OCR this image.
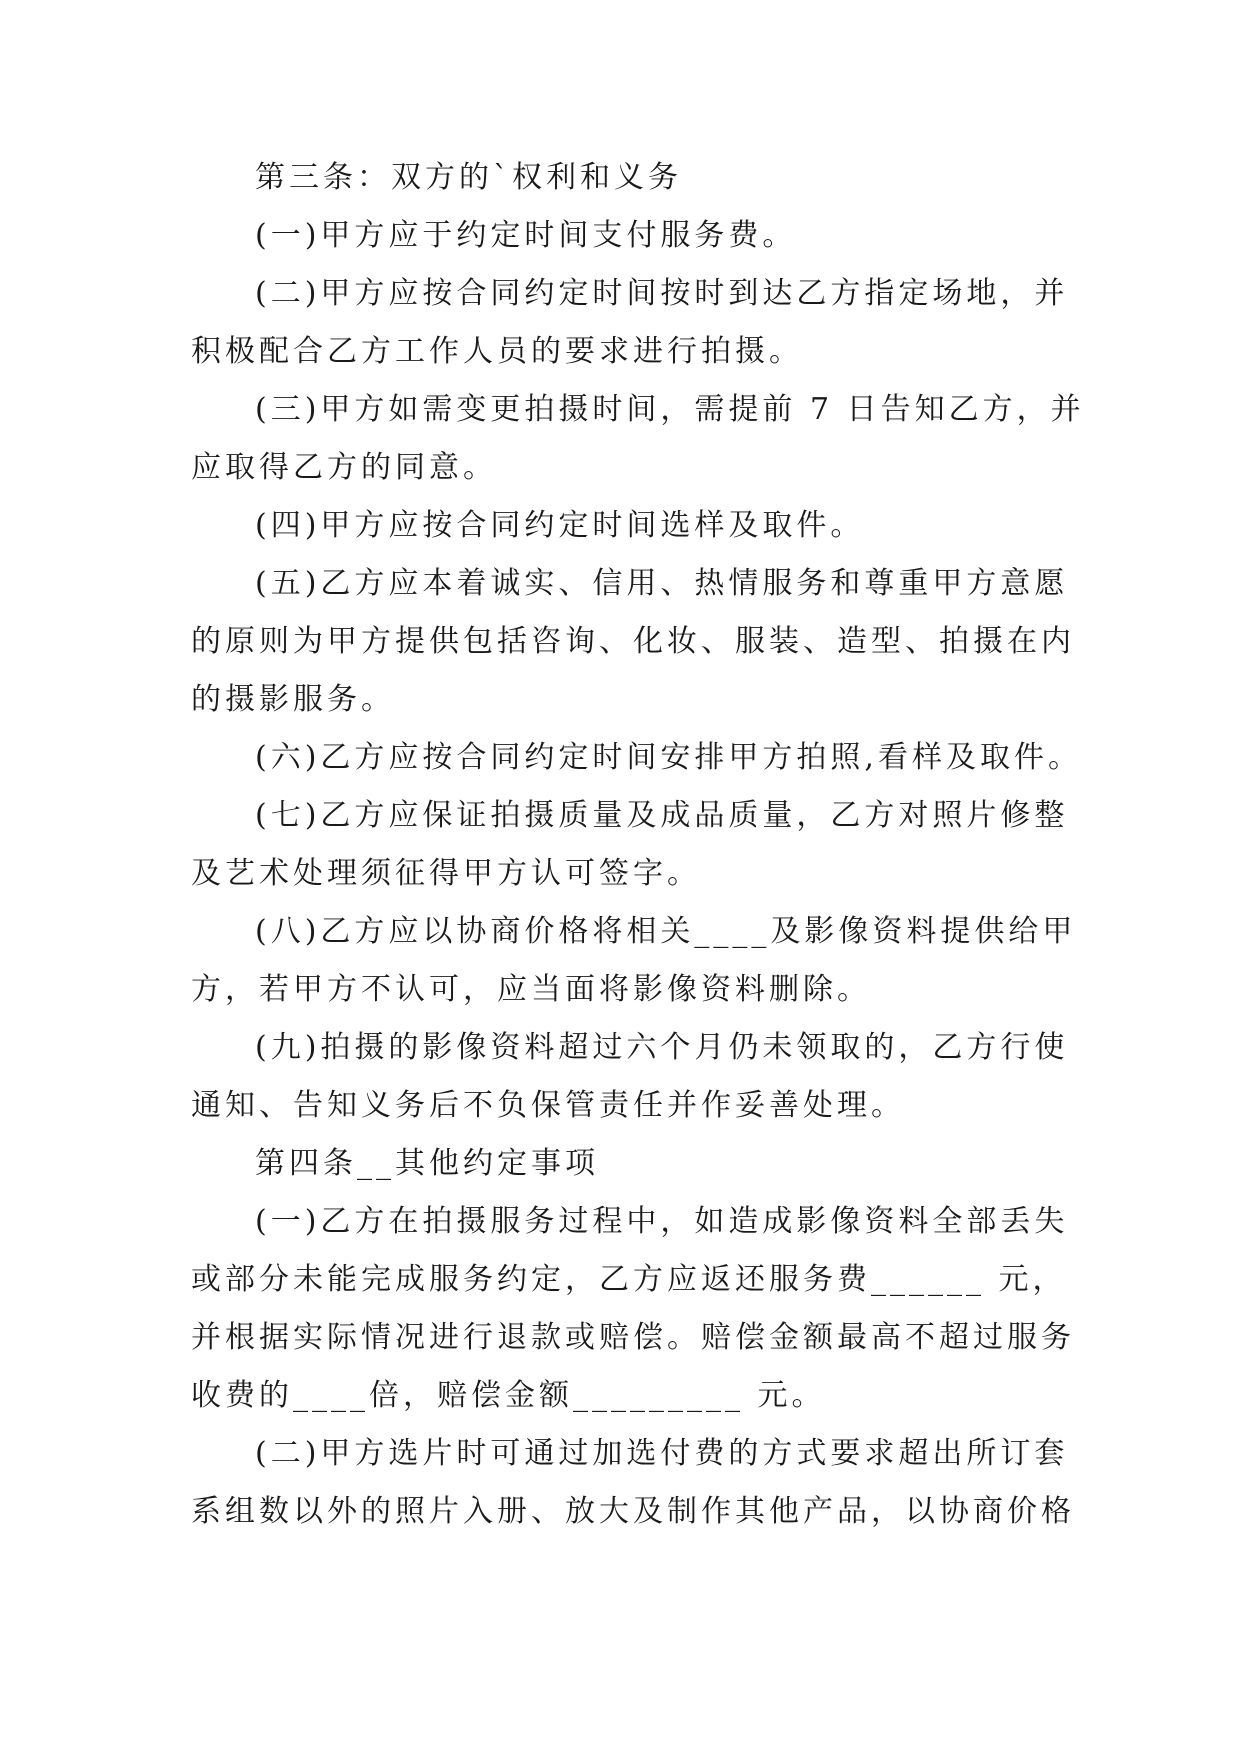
第三条：双方的`权利和义务
(一)甲方应于约定时间支付服务费。
(二)甲方应按合同约定时间按时到达乙方指定场地，并
积极配合乙方工作人员的要求进行拍摄。
(三)甲方如需变更拍摄时间，需提前 7 日告知乙方，并
应取得乙方的同意。
(四)甲方应按合同约定时间选样及取件。
(五)乙方应本着诚实、信用、热情服务和尊重甲方意愿
的原则为甲方提供包括咨询、化妆、服装、造型、拍摄在内
的摄影服务。
(六)乙方应按合同约定时间安排甲方拍照,看样及取件。
(七)乙方应保证拍摄质量及成品质量，乙方对照片修整
及艺术处理须征得甲方认可签字。
(八)乙方应以协商价格将相关____及影像资料提供给甲
方，若甲方不认可，应当面将影像资料删除。
(九)拍摄的影像资料超过六个月仍未领取的，乙方行使
通知、告知义务后不负保管责任并作妥善处理。
第四条__其他约定事项
(一)乙方在拍摄服务过程中，如造成影像资料全部丢失
或部分未能完成服务约定，乙方应返还服务费______ 元，
并根据实际情况进行退款或赔偿。赔偿金额最高不超过服务
收费的____倍，赔偿金额_________ 元。
(二)甲方选片时可通过加选付费的方式要求超出所订套
系组数以外的照片入册、放大及制作其他产品，以协商价格
